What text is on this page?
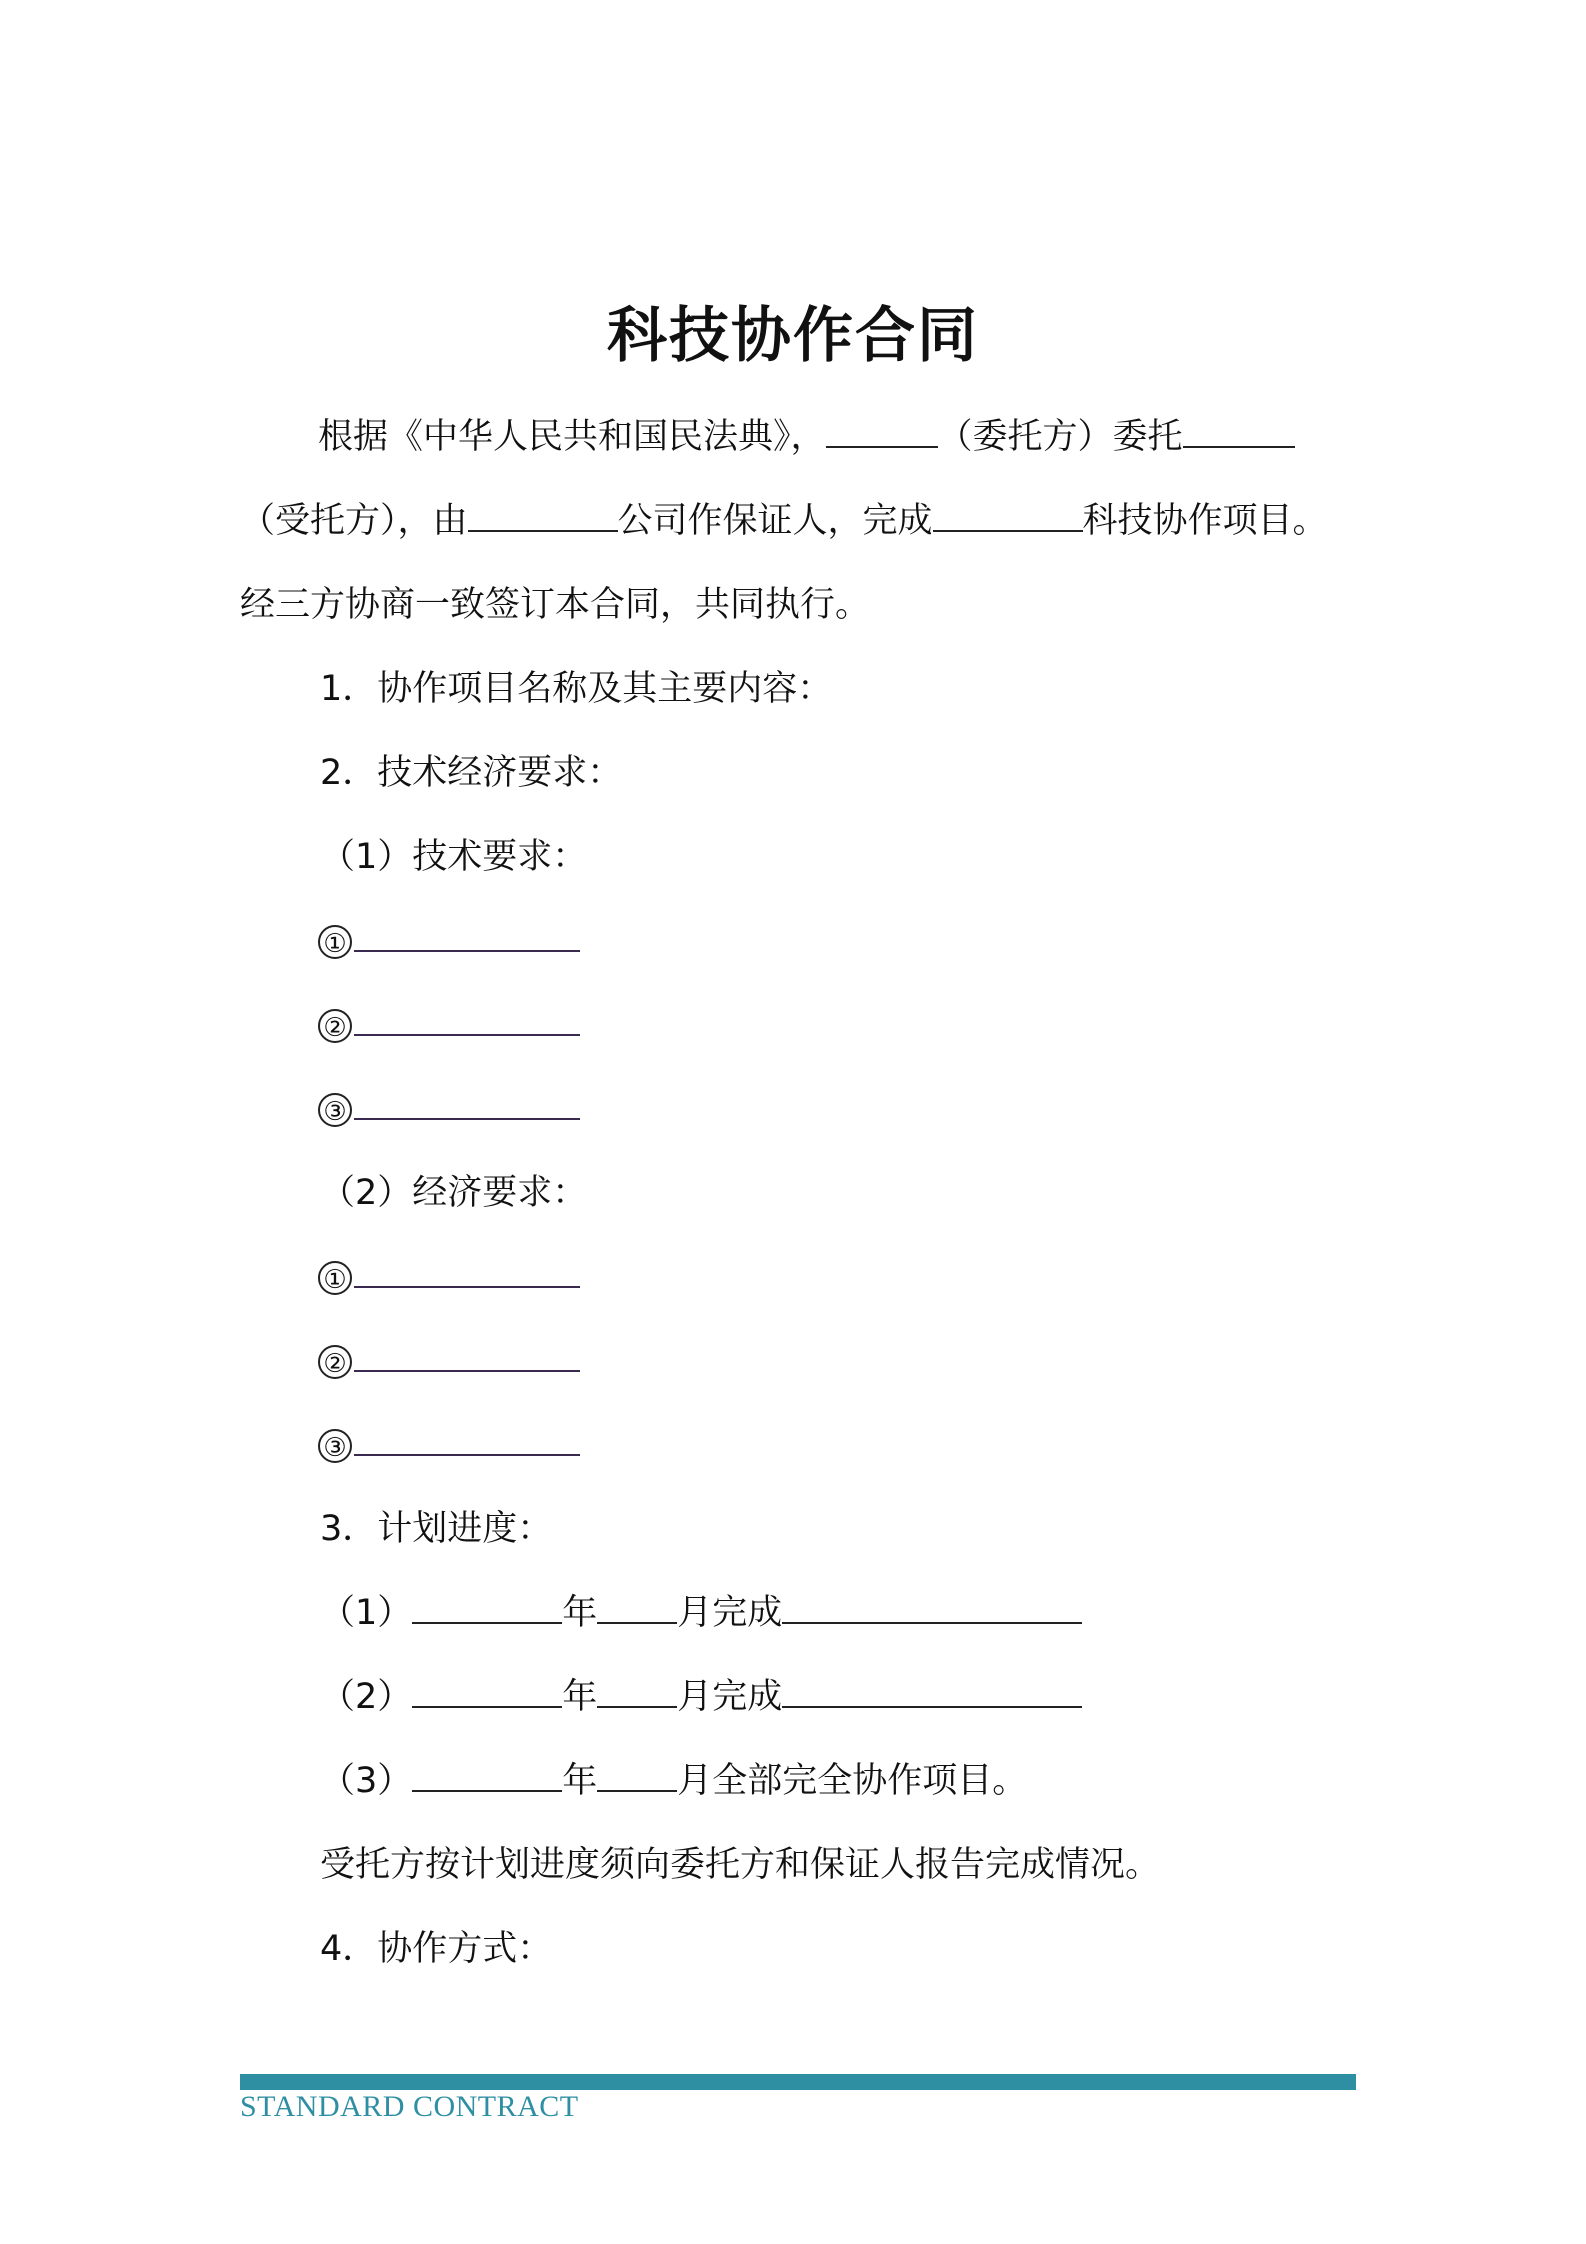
科技协作合同
根据《中华人民共和国民法典》，	（委托方）委托
（受托方），由	公司作保证人，完成	科技协作项目。
经三方协商一致签订本合同，共同执行。
1．协作项目名称及其主要内容：
2．技术经济要求：
（1）技术要求：
①
②
③
（2）经济要求：
①
②
③
3．计划进度：
（1）	年 月完成
（2）	年 月完成
（3）	年 月全部完全协作项目。
受托方按计划进度须向委托方和保证人报告完成情况。
4．协作方式：
STANDARD CONTRACT
